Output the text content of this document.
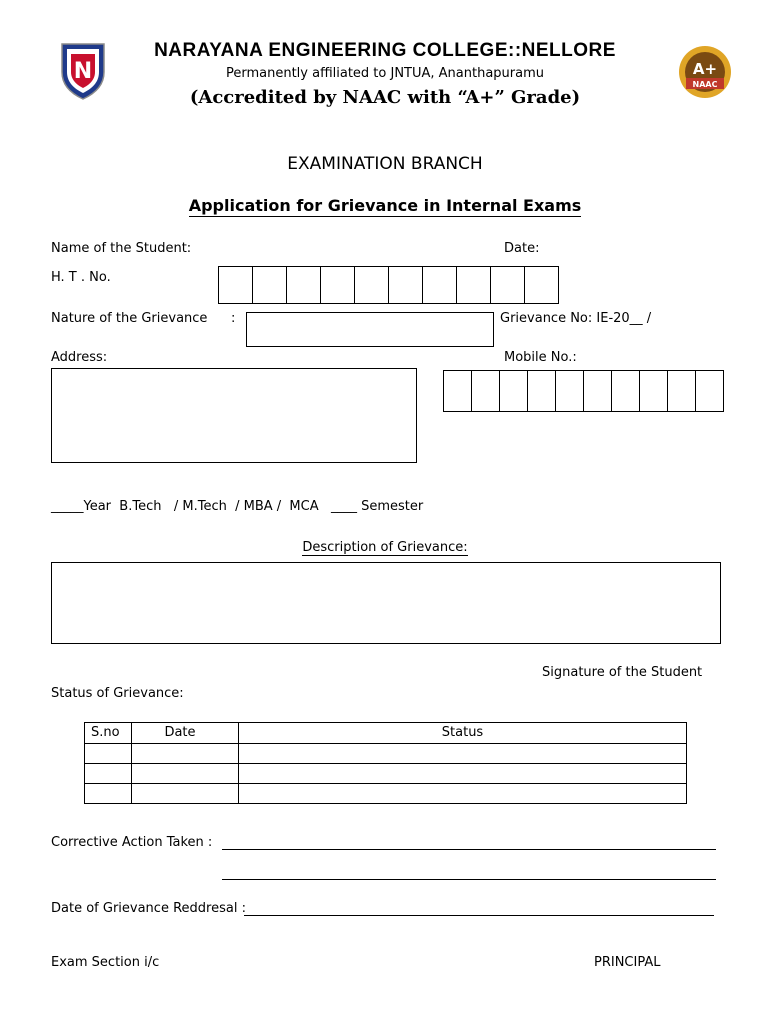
N	A+
NAAC
NARAYANA ENGINEERING COLLEGE::NELLORE
Permanently affiliated to JNTUA, Ananthapuramu
(Accredited by NAAC with “A+” Grade)
EXAMINATION BRANCH
Application for Grievance in Internal Exams
Name of the Student:	Date:
H. T . No.
Nature of the Grievance :	Grievance No: IE-20__ /
Address:	Mobile No.:
_____Year  B.Tech   / M.Tech  / MBA /  MCA   ____ Semester
Description of Grievance:
Signature of the Student
Status of Grievance:
S.no	Date	Status

Corrective Action Taken :
Date of Grievance Reddresal :
Exam Section i/c	PRINCIPAL
